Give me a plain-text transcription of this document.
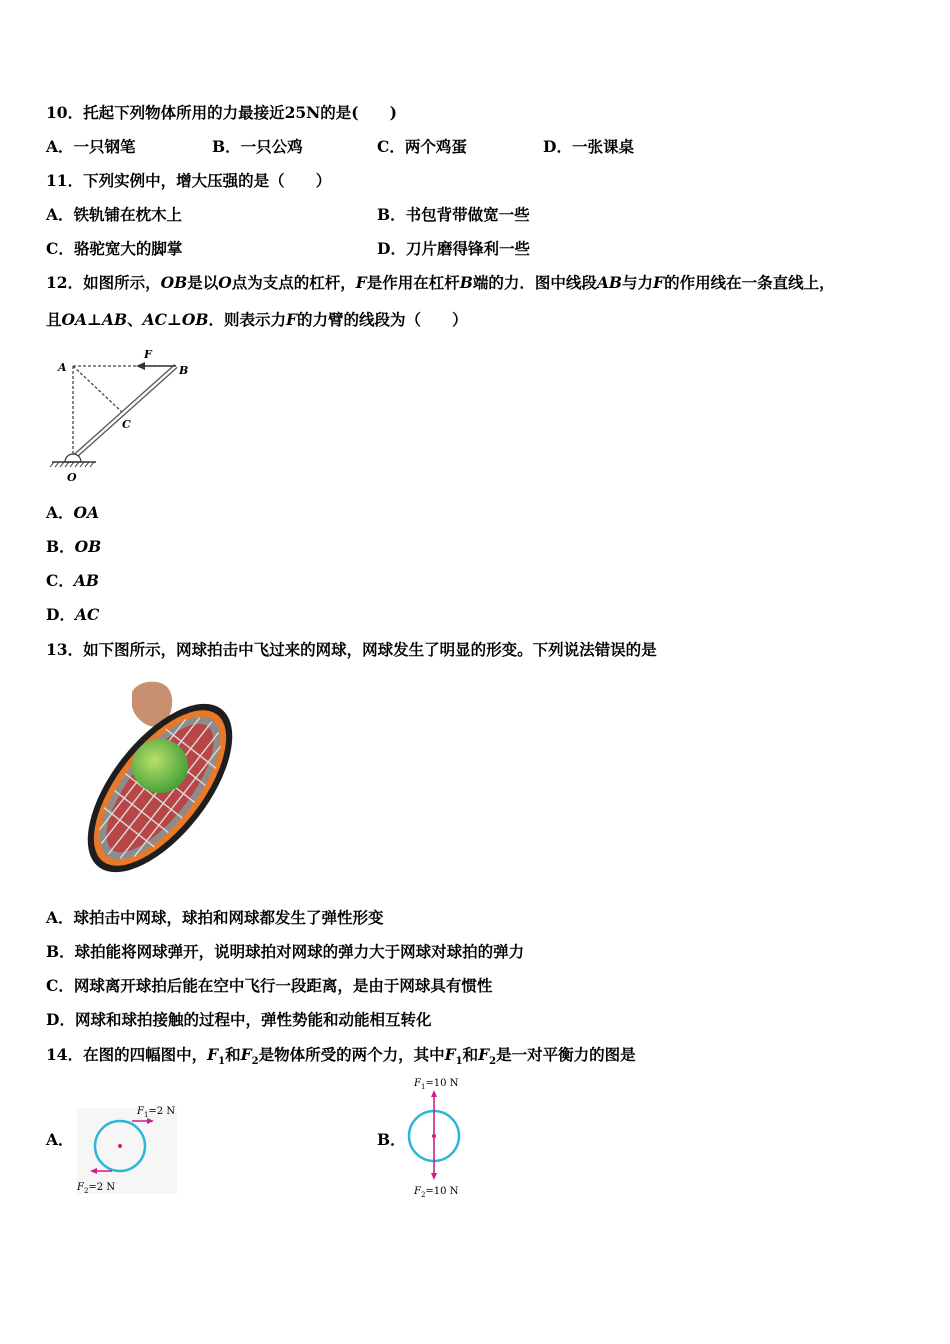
10．托起下列物体所用的力最接近25N的是(　　)
A．一只钢笔	B．一只公鸡	C．两个鸡蛋	D．一张课桌
11．下列实例中，增大压强的是（　　）
A．铁轨铺在枕木上	B．书包背带做宽一些
C．骆驼宽大的脚掌	D．刀片磨得锋利一些
12．如图所示，OB是以O点为支点的杠杆，F是作用在杠杆B端的力．图中线段AB与力F的作用线在一条直线上，
且OA⊥AB、AC⊥OB．则表示力F的力臂的线段为（　　）
A	B
C
O
F
A．OA
B．OB
C．AB
D．AC
13．如下图所示，网球拍击中飞过来的网球，网球发生了明显的形变。下列说法错误的是
A．球拍击中网球，球拍和网球都发生了弹性形变
B．球拍能将网球弹开，说明球拍对网球的弹力大于网球对球拍的弹力
C．网球离开球拍后能在空中飞行一段距离，是由于网球具有惯性
D．网球和球拍接触的过程中，弹性势能和动能相互转化
14．在图的四幅图中，$F_1$和$F_2$是物体所受的两个力，其中$F_1$和$F_2$是一对平衡力的图是
A．
$F_1=2$ N
$F_2=2$ N
B．
$F_1=10$ N
$F_2=10$ N
